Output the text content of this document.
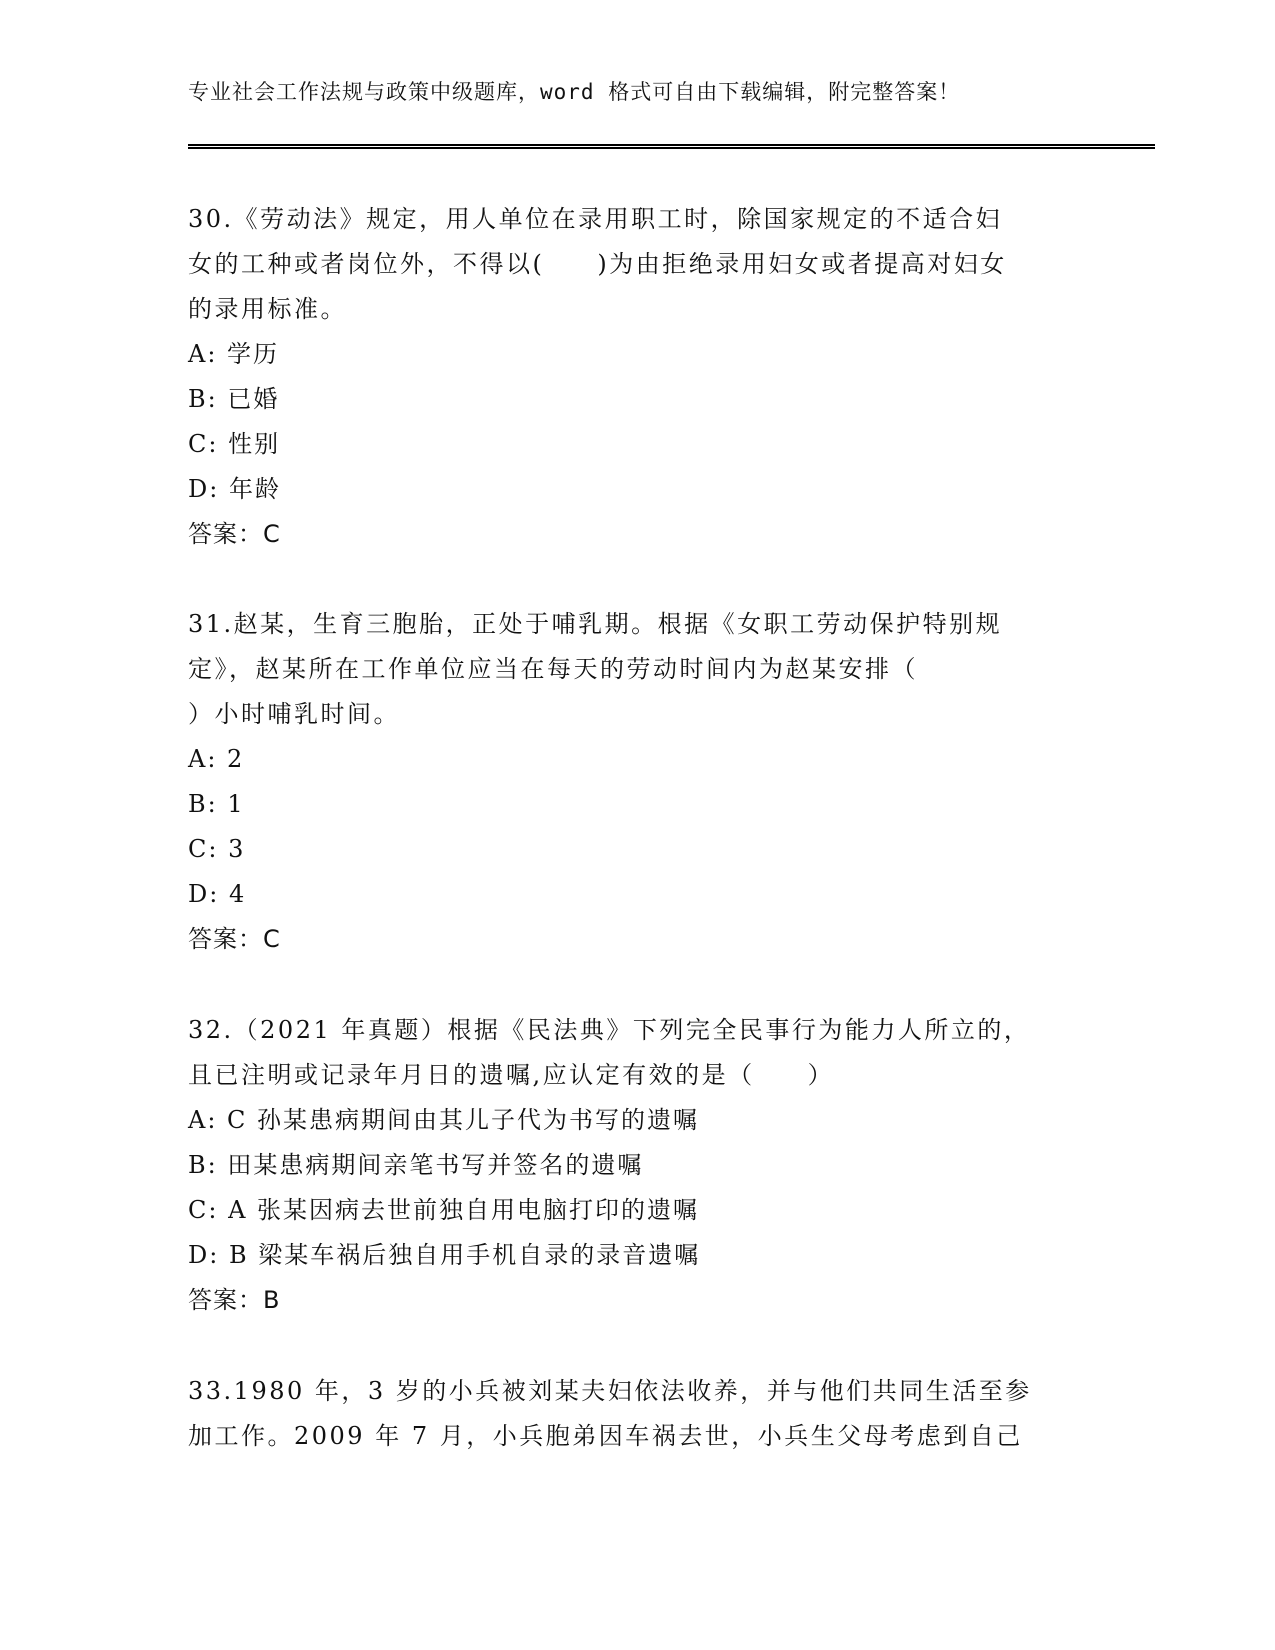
专业社会工作法规与政策中级题库，word 格式可自由下载编辑，附完整答案！
30.《劳动法》规定，用人单位在录用职工时，除国家规定的不适合妇
女的工种或者岗位外，不得以(　　)为由拒绝录用妇女或者提高对妇女
的录用标准。
A: 学历
B: 已婚
C: 性别
D: 年龄
答案：C
31.赵某，生育三胞胎，正处于哺乳期。根据《女职工劳动保护特别规
定》，赵某所在工作单位应当在每天的劳动时间内为赵某安排（
）小时哺乳时间。
A: 2
B: 1
C: 3
D: 4
答案：C
32.（2021 年真题）根据《民法典》下列完全民事行为能力人所立的，
且已注明或记录年月日的遗嘱,应认定有效的是（　　）
A: C 孙某患病期间由其儿子代为书写的遗嘱
B: 田某患病期间亲笔书写并签名的遗嘱
C: A 张某因病去世前独自用电脑打印的遗嘱
D: B 梁某车祸后独自用手机自录的录音遗嘱
答案：B
33.1980 年，3 岁的小兵被刘某夫妇依法收养，并与他们共同生活至参
加工作。2009 年 7 月，小兵胞弟因车祸去世，小兵生父母考虑到自己
